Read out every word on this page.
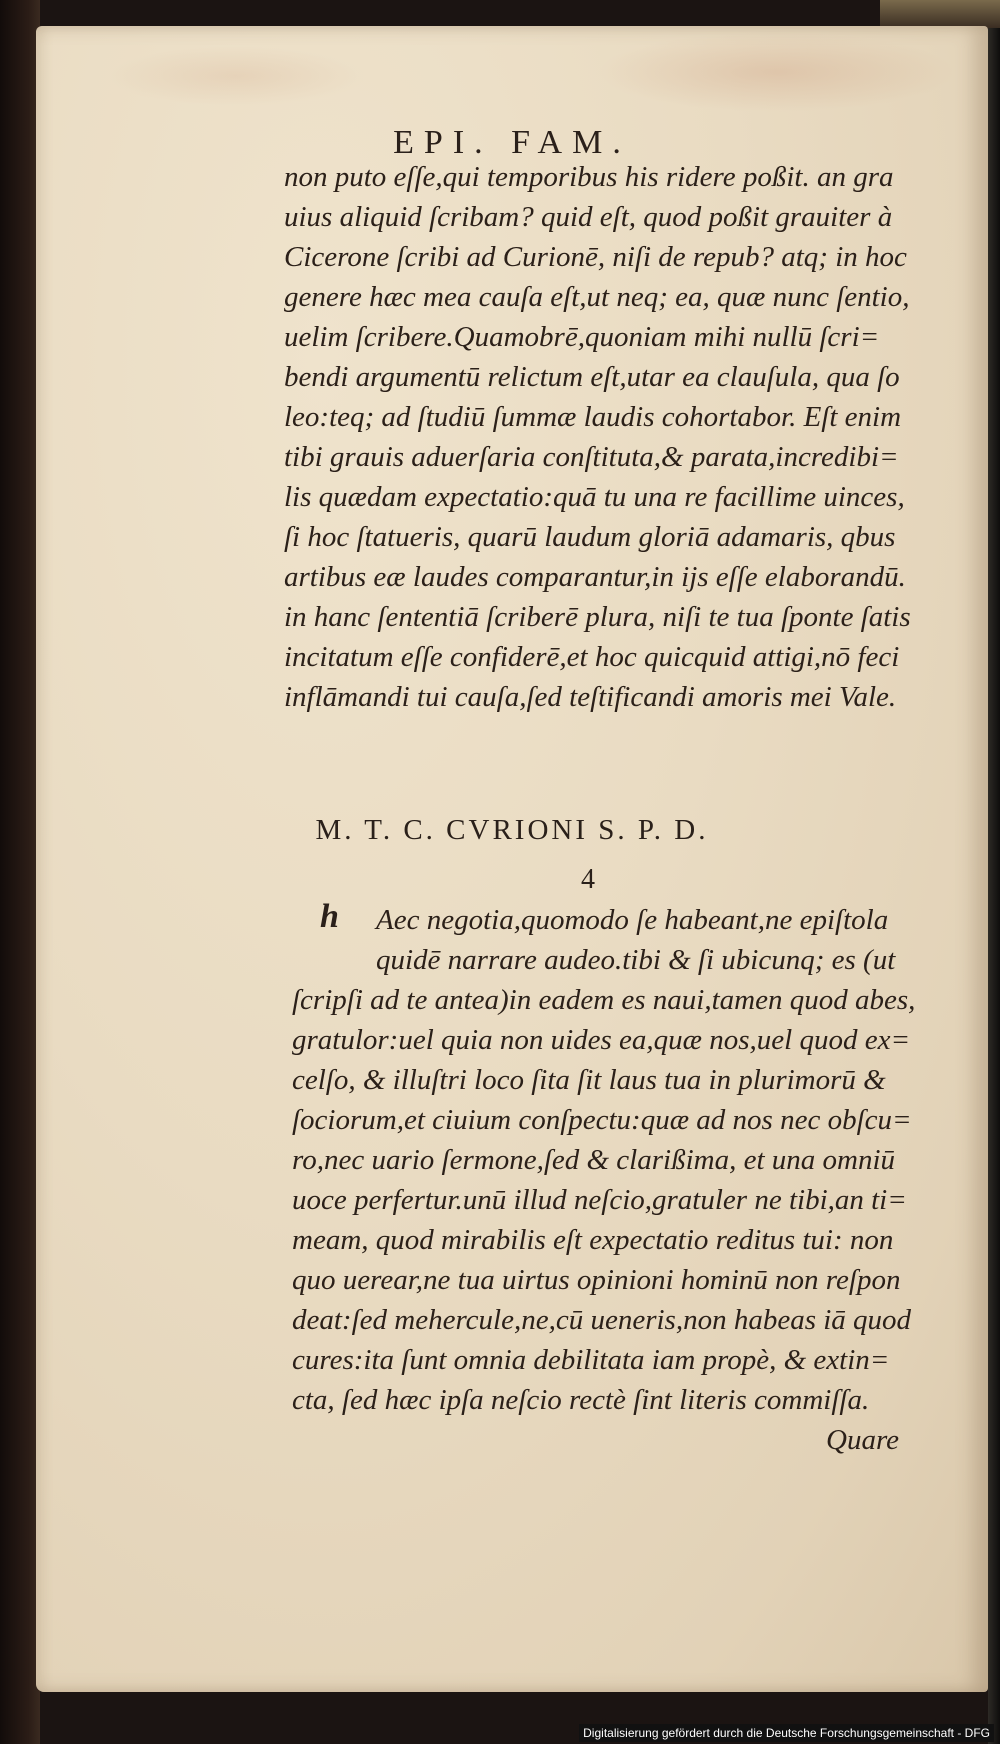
EPI. FAM.
non puto eſſe,qui temporibus his ridere poßit. an gra
uius aliquid ſcribam? quid eſt, quod poßit grauiter à
Cicerone ſcribi ad Curionē, niſi de repub? atq; in hoc
genere hæc mea cauſa eſt,ut neq; ea, quæ nunc ſentio,
uelim ſcribere.Quamobrē,quoniam mihi nullū ſcri=
bendi argumentū relictum eſt,utar ea clauſula, qua ſo
leo:teq; ad ſtudiū ſummæ laudis cohortabor. Eſt enim
tibi grauis aduerſaria conſtituta,& parata,incredibi=
lis quædam expectatio:quā tu una re facillime uinces,
ſi hoc ſtatueris, quarū laudum gloriā adamaris, qbus
artibus eæ laudes comparantur,in ijs eſſe elaborandū.
in hanc ſententiā ſcriberē plura, niſi te tua ſponte ſatis
incitatum eſſe confiderē,et hoc quicquid attigi,nō feci
inflāmandi tui cauſa,ſed teſtificandi amoris mei Vale.
M. T. C. CVRIONI S. P. D.
4
h Aec negotia,quomodo ſe habeant,ne epiſtola
quidē narrare audeo.tibi & ſi ubicunq; es (ut
ſcripſi ad te antea)in eadem es naui,tamen quod abes,
gratulor:uel quia non uides ea,quæ nos,uel quod ex=
celſo, & illuſtri loco ſita ſit laus tua in plurimorū &
ſociorum,et ciuium conſpectu:quæ ad nos nec obſcu=
ro,nec uario ſermone,ſed & clarißima, et una omniū
uoce perfertur.unū illud neſcio,gratuler ne tibi,an ti=
meam, quod mirabilis eſt expectatio reditus tui: non
quo uerear,ne tua uirtus opinioni hominū non reſpon
deat:ſed mehercule,ne,cū ueneris,non habeas iā quod
cures:ita ſunt omnia debilitata iam propè, & extin=
cta, ſed hæc ipſa neſcio rectè ſint literis commiſſa.
Quare
Digitalisierung gefördert durch die Deutsche Forschungsgemeinschaft - DFG
